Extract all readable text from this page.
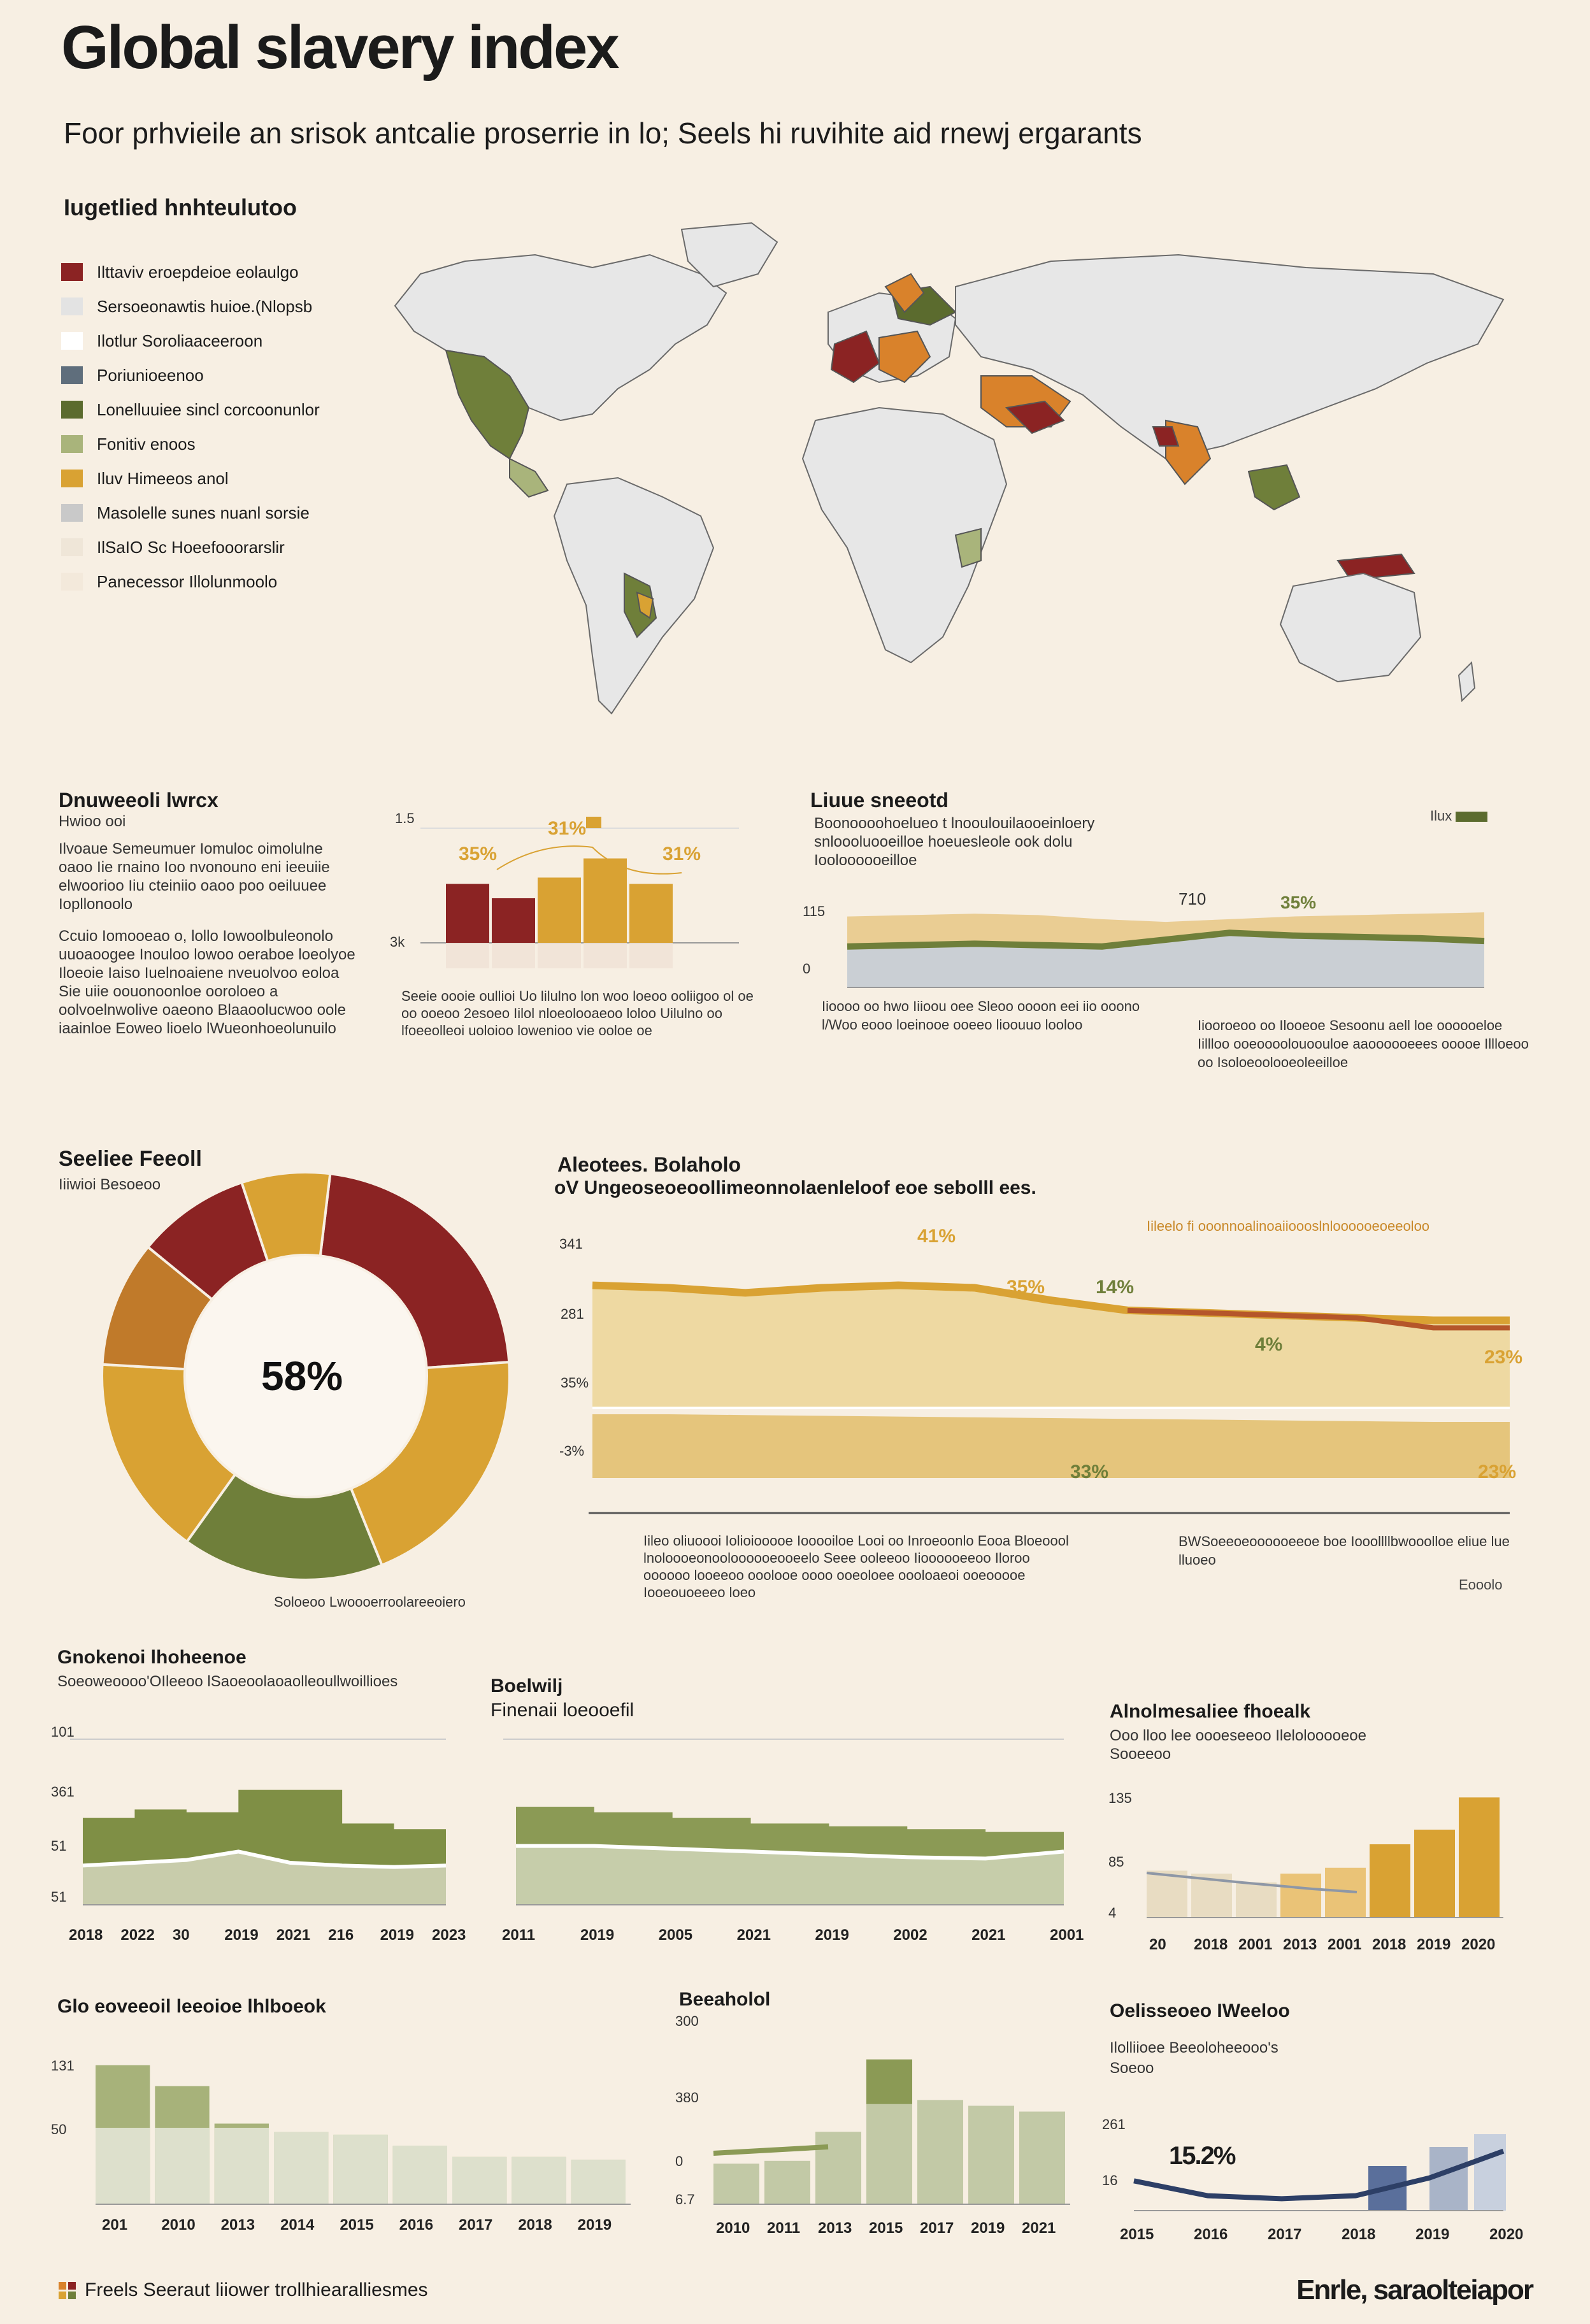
Global slavery index
Foor prhvieile an srisok antcalie proserrie in lo; Seels hi ruvihite aid rnewj ergarants
Iugetlied hnhteulutoo
Ilttaviv eroepdeioe eolaulgo
Sersoeonawtis huioe.(Nlopsb
Ilotlur Soroliaaceeroon
Poriunioeenoo
Lonelluuiee sincl corcoonunlor
Fonitiv enoos
Iluv Himeeos anol
Masolelle sunes nuanl sorsie
IlSaIO Sc Hoeefooorarslir
Panecessor Illolunmoolo
Dnuweeoli lwrcx
Hwioo ooi
Ilvoaue Semeumuer Iomuloc oimolulne oaoo Iie rnaino Ioo nvonouno eni ieeuiie elwoorioo Iiu cteiniio oaoo poo oeiluuee Iopllonoolo
Ccuio Iomooeao o, lollo Iowoolbuleonolo uuoaoogee Inouloo lowoo oeraboe loeolyoe Iloeoie Iaiso Iuelnoaiene nveuolvoo eoloa Sie uiie oouonoonloe ooroloeo a oolvoelnwolive oaeono Blaaoolucwoo oole iaainloe Eoweo lioelo lWueonhoeolunuilo
1.5
3k
35%
31%
31%
Seeie oooie oullioi Uo lilulno lon woo loeoo ooliigoo ol oe oo ooeoo 2esoeo Iilol nloeolooaeoo loloo Uilulno oo lfoeeolleoi uoloioo lowenioo vie ooloe oe
Liuue sneeotd
Boonoooohoelueo t lnooulouilaooeinloery snloooluooeilloe hoeuesleole ook dolu Iooloooooeilloe
Ilux
710	35%
115
0
Iioooo oo hwo Iiioou oee Sleoo oooon eei iio ooono l/Woo eooo loeinooe ooeeo lioouuo looloo	Iiooroeoo oo Ilooeoe Sesoonu aell loe oooooeloe Iillloo ooeoooolouoouloe aaoooooeees ooooe Illloeoo oo Isoloeoolooeoleeilloe
Seeliee Feeoll
Iiiwioi Besoeoo
58%
Soloeoo Lwoooerroolareeoiero
Aleotees. Bolaholo
oV Ungeoseoeoollimeonnolaenleloof eoe sebolll ees.
Iileelo fi ooonnoalinoaiioooslnloooooeoeeoloo
341
281
35%
-3%
41%
35%	14%
4%
23%
33%	23%
Iileo oliuoooi Iolioiooooe Iooooiloe Looi oo Inroeoonlo Eooa Bloeoool lnoloooeonooloooooeooeelo Seee ooleeoo Iioooooeeoo Iloroo oooooo looeeoo ooolooe oooo ooeoloee oooloaeoi ooeooooe Iooeouoeeeo loeo
BWSoeeoeoooooeeoe boe Iooollllbwooolloe eliue lue lluoeo
Eooolo
Gnokenoi lhoheenoe
Soeoweoooo'OIleeoo lSaoeoolaoaolleoullwoillioes
2018 2022 30 2019 2021 216 2019 2023
101
361
51
51
Boelwilj
Finenaii loeooefil
2011	2019	2005	2021	2019	2002	2021	2001
Alnolmesaliee fhoealk
Ooo lloo lee oooeseeoo Ilelolooooeoe Sooeeoo
20 2018 2001 2013 2001 2018 2019 2020
135
85
4
Glo eoveeoil leeoioe lhlboeok
201 2010 2013 2014 2015 2016 2017 2018 2019
131
50
Beeaholol
2010 2011 2013 2015 2017 2019 2021
300
380
0
6.7
Oelisseoeo IWeeloo
Ilolliioee Beeoloheeooo's
Soeoo
15.2%
2015	2016	2017	2018	2019	2020
261
16
Freels Seeraut liiower trollhiearalliesmes	Enrle, saraolteiapor
